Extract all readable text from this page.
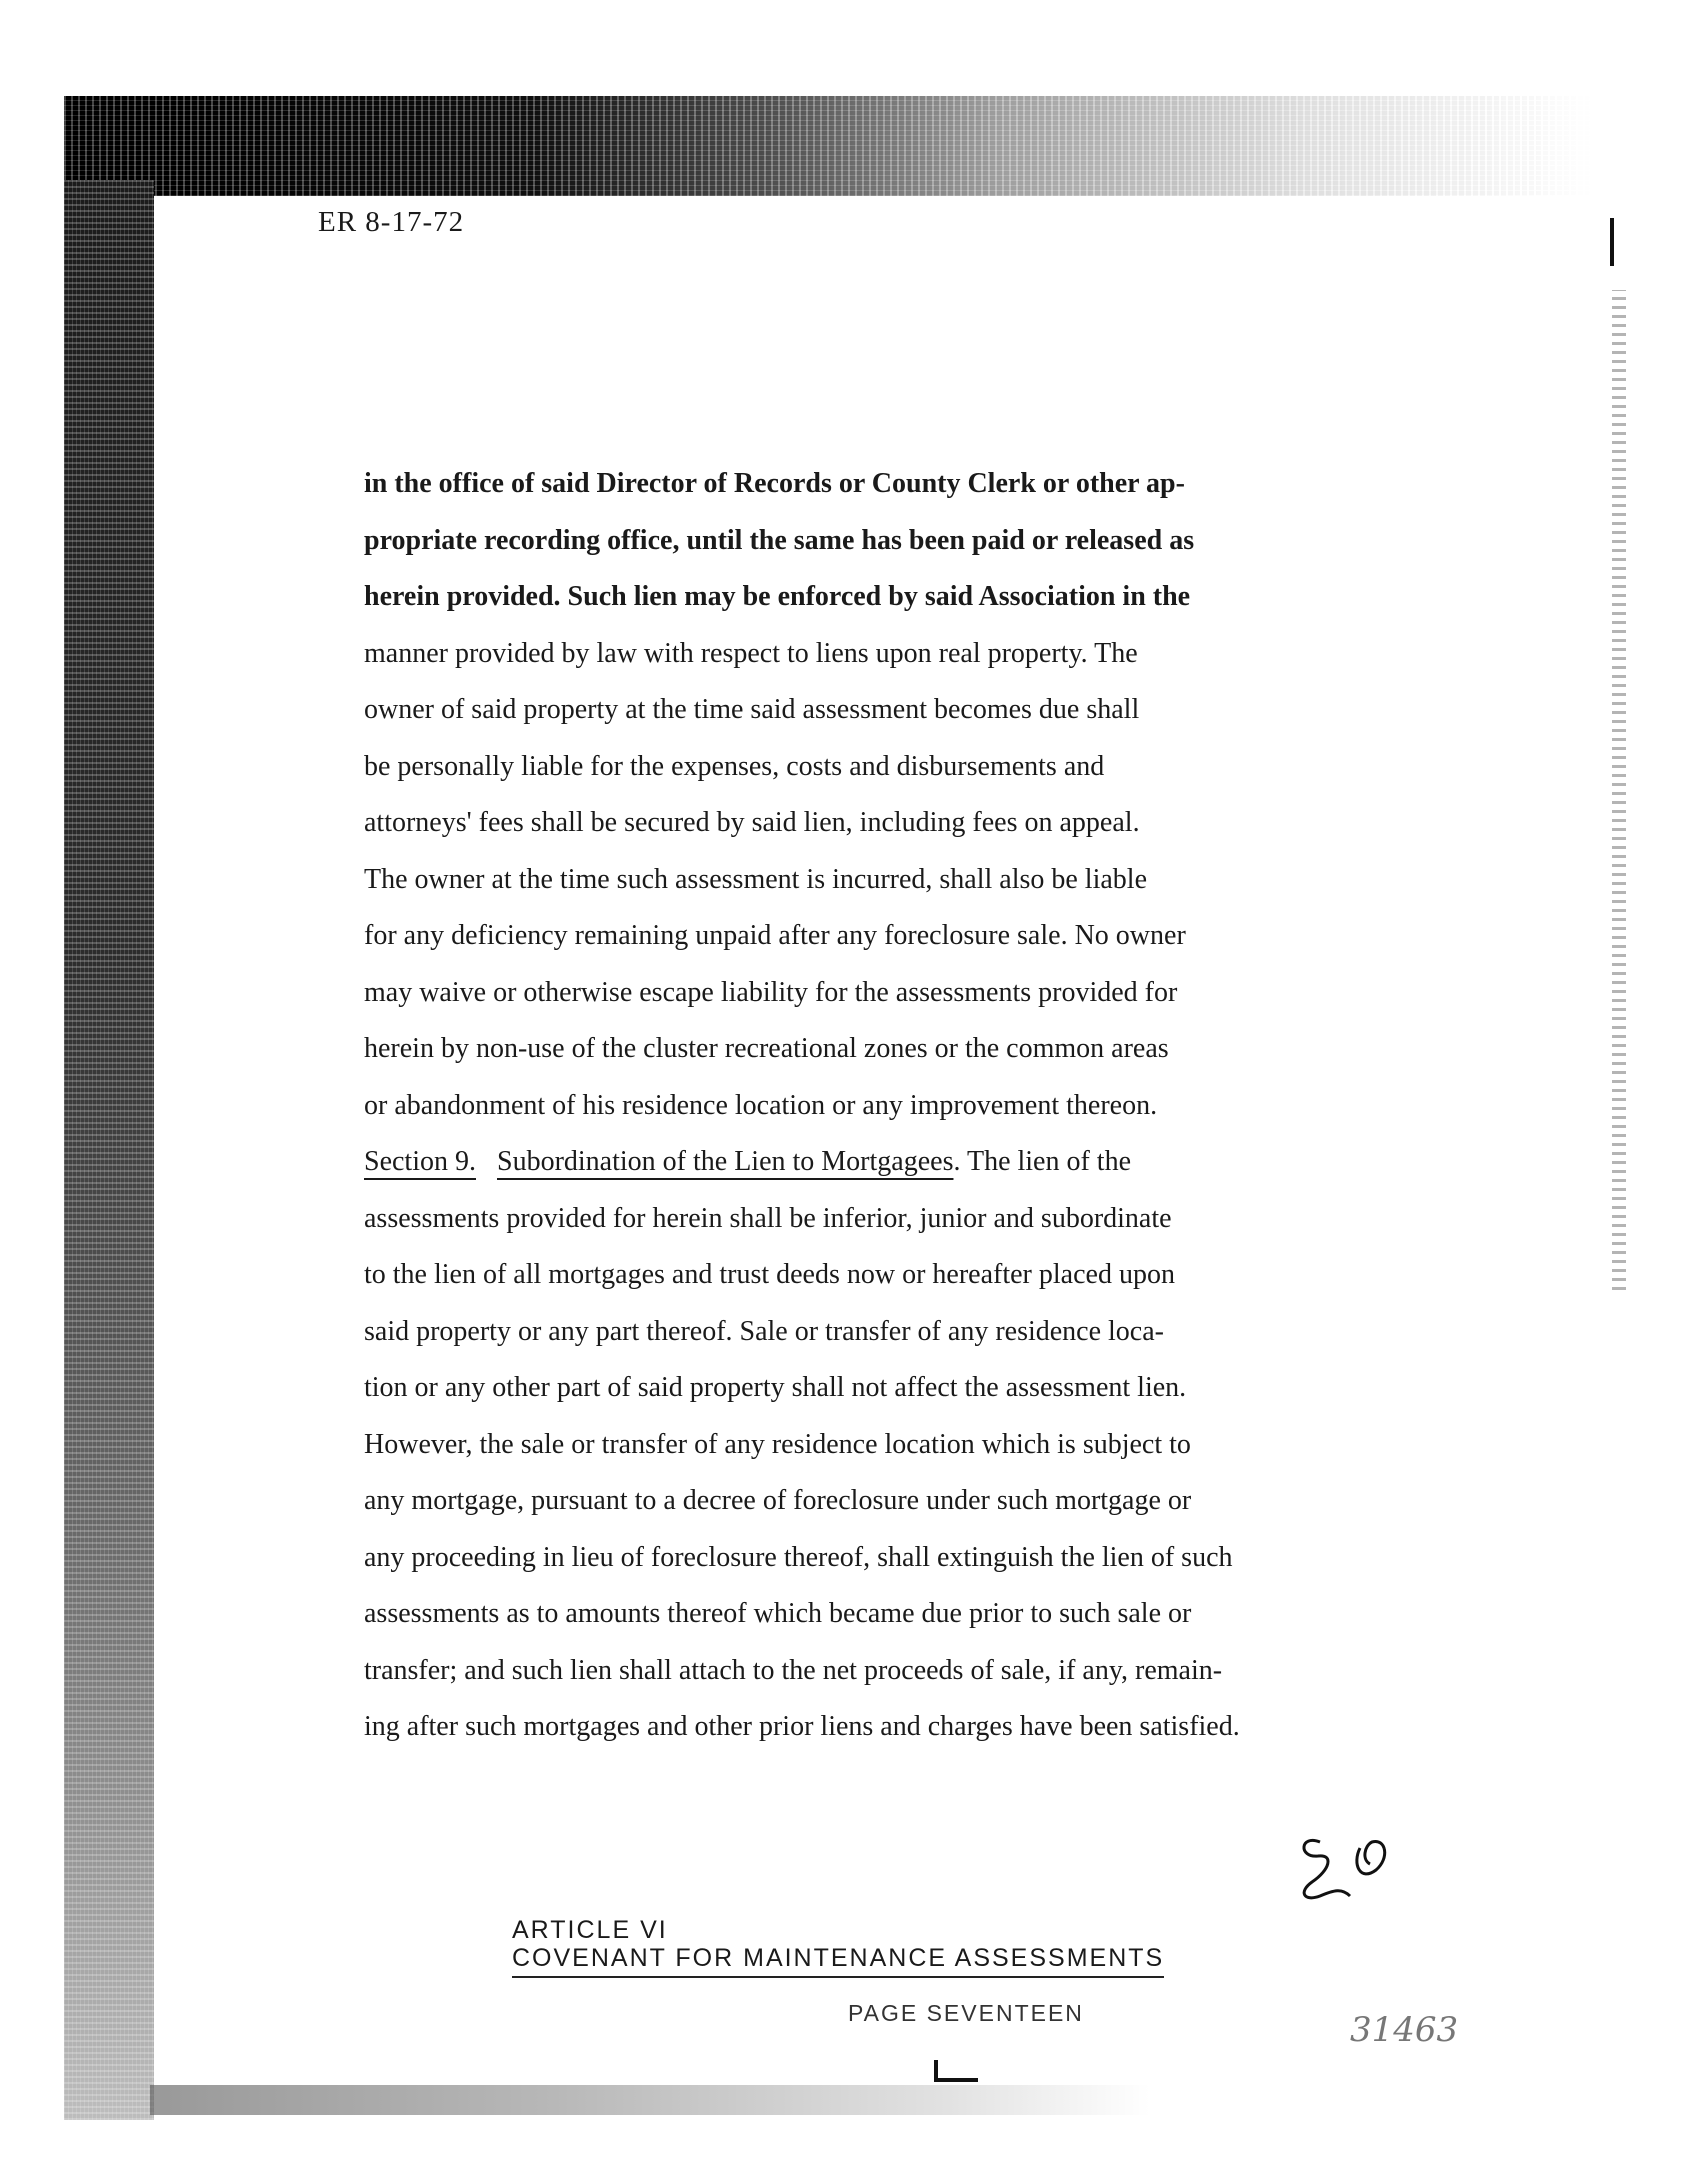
ER 8-17-72
in the office of said Director of Records or County Clerk or other ap-
propriate recording office, until the same has been paid or released as
herein provided. Such lien may be enforced by said Association in the
manner provided by law with respect to liens upon real property. The
owner of said property at the time said assessment becomes due shall
be personally liable for the expenses, costs and disbursements and
attorneys' fees shall be secured by said lien, including fees on appeal.
The owner at the time such assessment is incurred, shall also be liable
for any deficiency remaining unpaid after any foreclosure sale. No owner
may waive or otherwise escape liability for the assessments provided for
herein by non-use of the cluster recreational zones or the common areas
or abandonment of his residence location or any improvement thereon.
Section 9. Subordination of the Lien to Mortgagees. The lien of the
assessments provided for herein shall be inferior, junior and subordinate
to the lien of all mortgages and trust deeds now or hereafter placed upon
said property or any part thereof. Sale or transfer of any residence loca-
tion or any other part of said property shall not affect the assessment lien.
However, the sale or transfer of any residence location which is subject to
any mortgage, pursuant to a decree of foreclosure under such mortgage or
any proceeding in lieu of foreclosure thereof, shall extinguish the lien of such
assessments as to amounts thereof which became due prior to such sale or
transfer; and such lien shall attach to the net proceeds of sale, if any, remain-
ing after such mortgages and other prior liens and charges have been satisfied.
ARTICLE VI
COVENANT FOR MAINTENANCE ASSESSMENTS
PAGE SEVENTEEN	31463
